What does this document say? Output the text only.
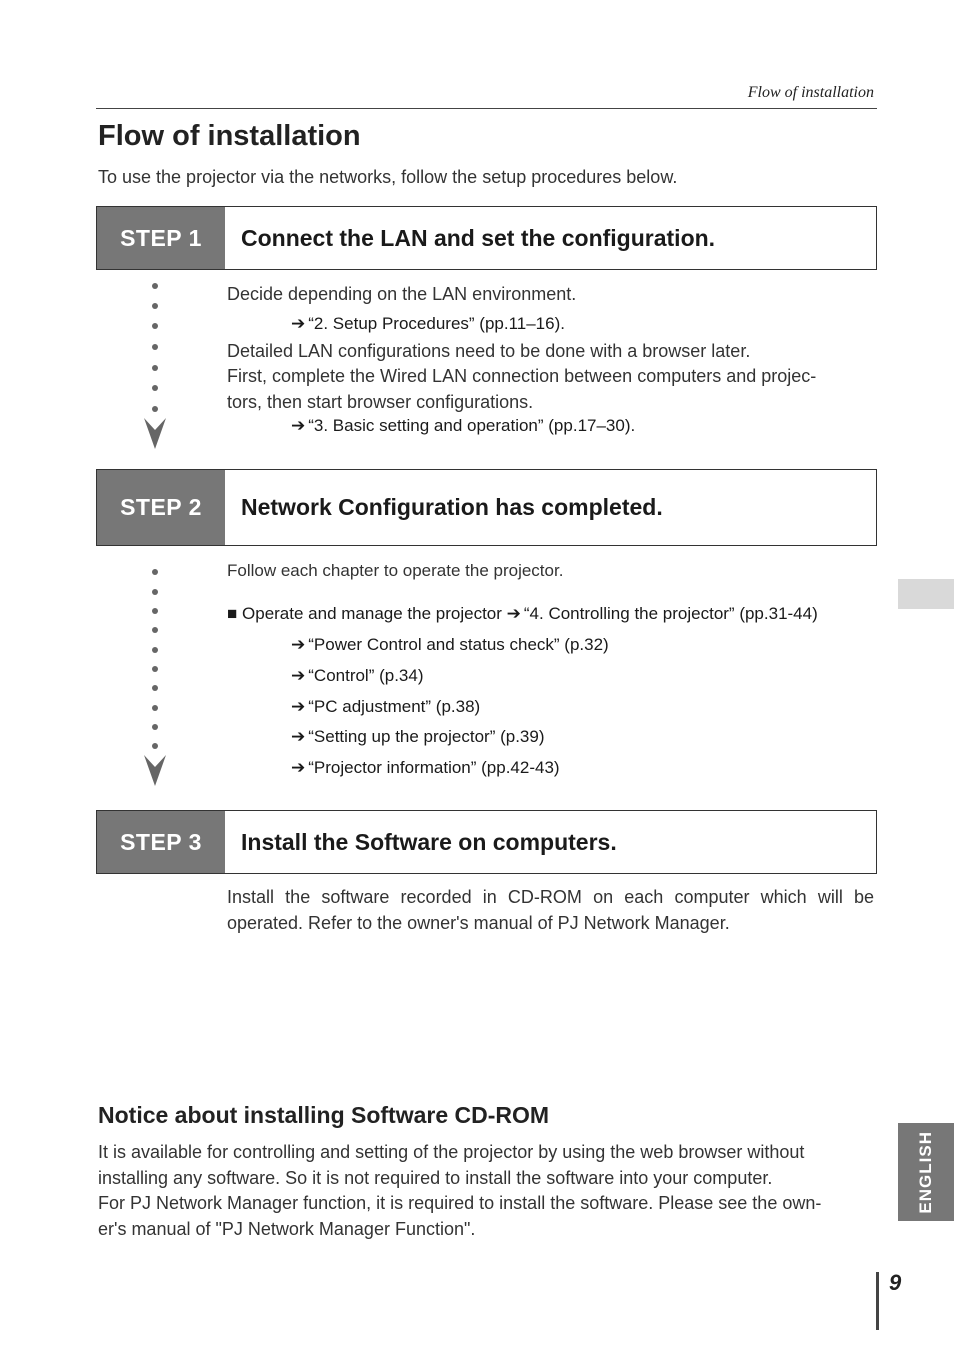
Flow of installation
Flow of installation
To use the projector via the networks, follow the setup procedures below.
STEP 1	Connect the LAN and set the configuration.
Decide depending on the LAN environment.
➔ “2. Setup Procedures” (pp.11–16).
Detailed LAN configurations need to be done with a browser later.
First, complete the Wired LAN connection between computers and projec-
tors, then start browser configurations.
➔ “3. Basic setting and operation” (pp.17–30).
STEP 2	Network Configuration has completed.
Follow each chapter to operate the projector.
■ Operate and manage the projector ➔ “4. Controlling the projector” (pp.31-44)
➔ “Power Control and status check” (p.32)
➔ “Control” (p.34)
➔ “PC adjustment” (p.38)
➔ “Setting up the projector” (p.39)
➔ “Projector information” (pp.42-43)
STEP 3	Install the Software on computers.
Install the software recorded in CD-ROM on each computer which will be
operated. Refer to the owner's manual of PJ Network Manager.
Notice about installing Software CD-ROM
It is available for controlling and setting of the projector by using the web browser without
installing any software. So it is not required to install the software into your computer.
For PJ Network Manager function, it is required to install the software. Please see the own-
er's manual of "PJ Network Manager Function".
ENGLISH
9
